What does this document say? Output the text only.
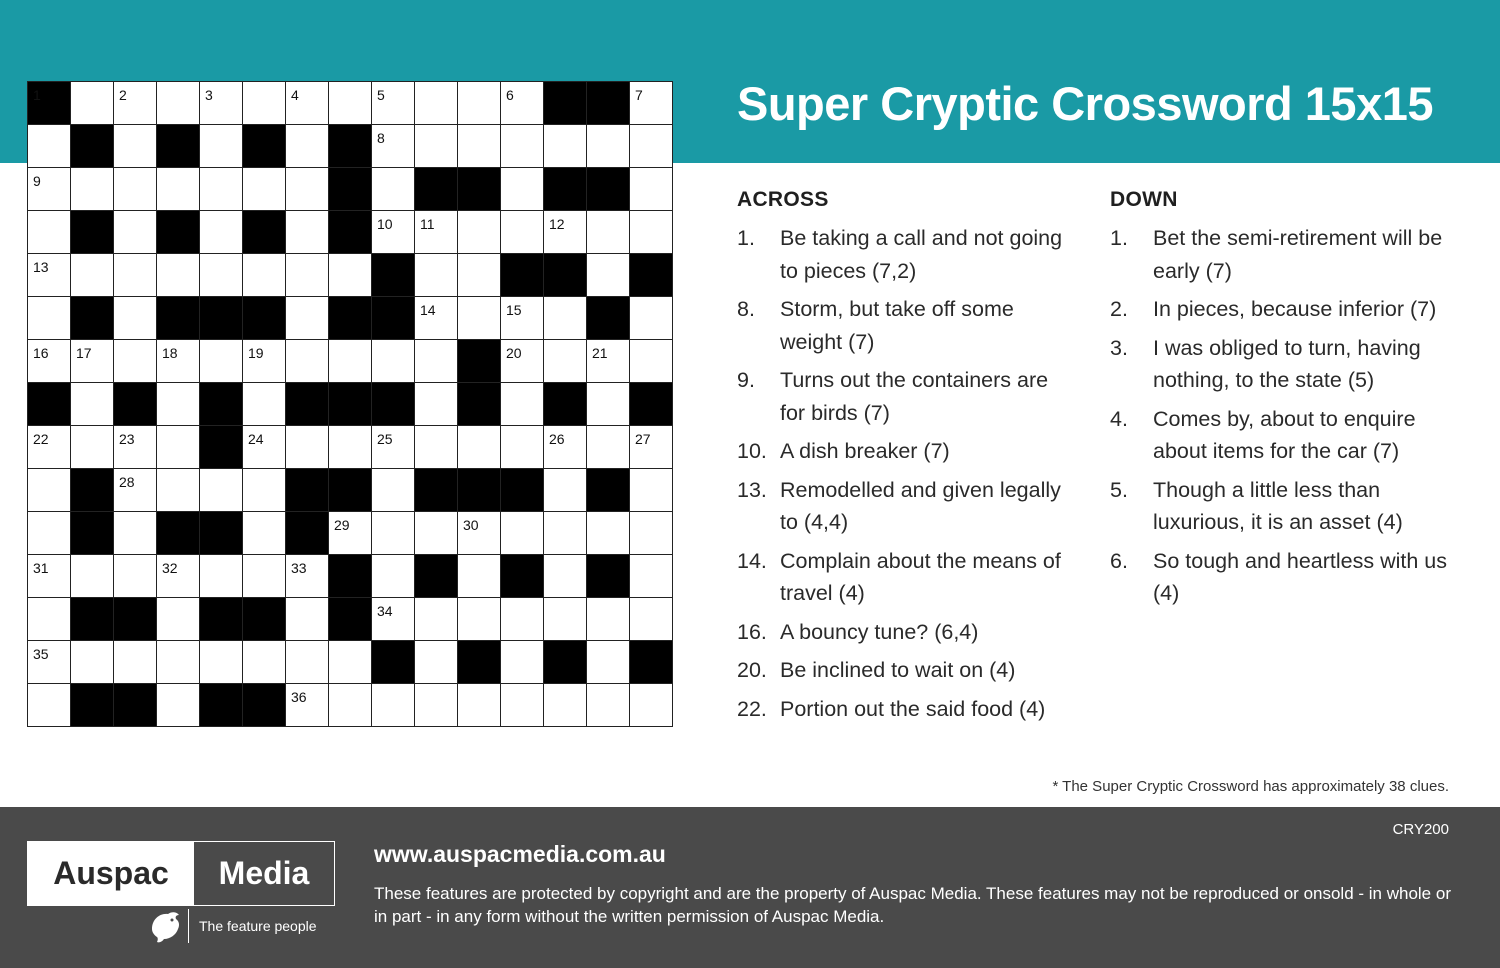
Super Cryptic Crossword 15x15
1	2	3	4	5	6	7
8
9
10 11	12
13
14	15
16 17	18	19	20	21
22	23	24	25	26	27
28
29	30
31	32	33
34
35
36
ACROSS
1.	Be taking a call and not going to pieces (7,2)
8.	Storm, but take off some weight (7)
9.	Turns out the containers are for birds (7)
10. A dish breaker (7)
13. Remodelled and given legally to (4,4)
14. Complain about the means of travel (4)
16. A bouncy tune? (6,4)
20. Be inclined to wait on (4)
22. Portion out the said food (4)
DOWN
1.	Bet the semi-retirement will be early (7)
2.	In pieces, because inferior (7)
3.	I was obliged to turn, having nothing, to the state (5)
4.	Comes by, about to enquire about items for the car (7)
5.	Though a little less than luxurious, it is an asset (4)
6.	So tough and heartless with us (4)
* The Super Cryptic Crossword has approximately 38 clues.
CRY200
Auspac	Media
The feature people
www.auspacmedia.com.au
These features are protected by copyright and are the property of Auspac Media. These features may not be reproduced or onsold - in whole or in part - in any form without the written permission of Auspac Media.
